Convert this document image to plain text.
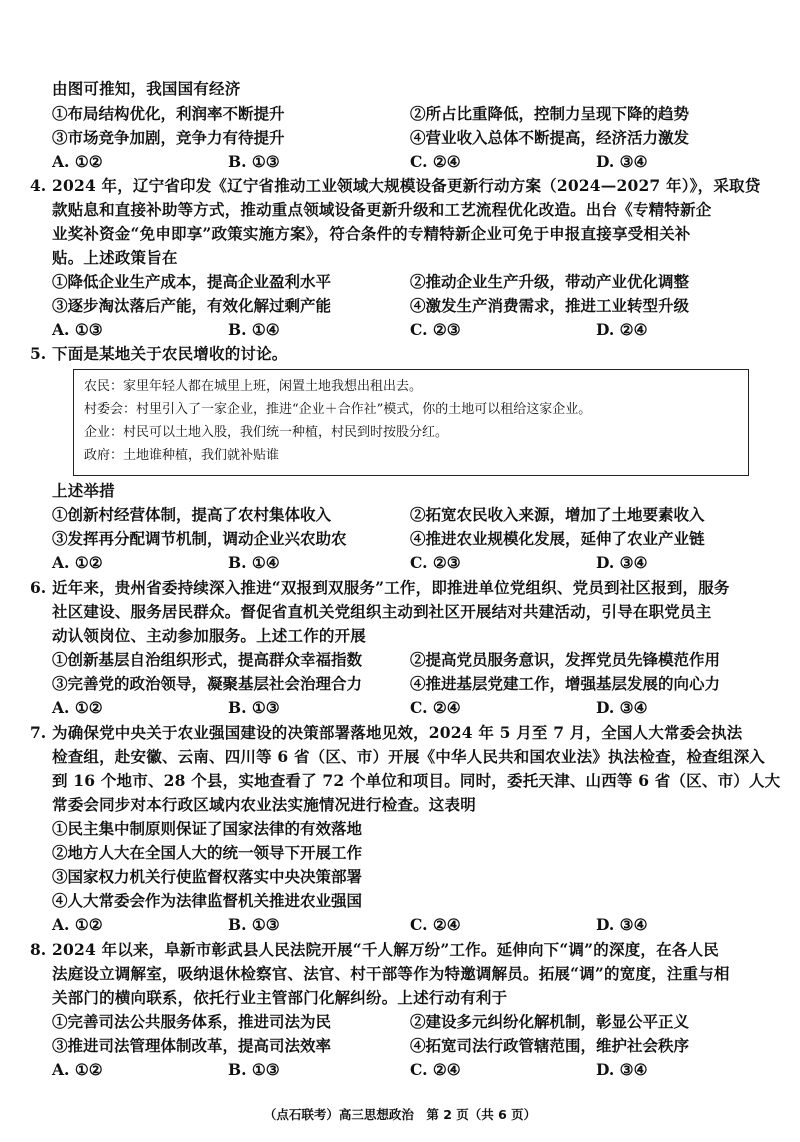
由图可推知，我国国有经济
①布局结构优化，利润率不断提升	②所占比重降低，控制力呈现下降的趋势
③市场竞争加剧，竞争力有待提升	④营业收入总体不断提高，经济活力激发
A. ①②	B. ①③	C. ②④	D. ③④
4. 2024 年，辽宁省印发《辽宁省推动工业领域大规模设备更新行动方案（2024—2027 年）》，采取贷
款贴息和直接补助等方式，推动重点领域设备更新升级和工艺流程优化改造。出台《专精特新企
业奖补资金“免申即享”政策实施方案》，符合条件的专精特新企业可免于申报直接享受相关补
贴。上述政策旨在
①降低企业生产成本，提高企业盈利水平	②推动企业生产升级，带动产业优化调整
③逐步淘汰落后产能，有效化解过剩产能	④激发生产消费需求，推进工业转型升级
A. ①③	B. ①④	C. ②③	D. ②④
5. 下面是某地关于农民增收的讨论。
农民：家里年轻人都在城里上班，闲置土地我想出租出去。
村委会：村里引入了一家企业，推进“企业＋合作社”模式，你的土地可以租给这家企业。
企业：村民可以土地入股，我们统一种植，村民到时按股分红。
政府：土地谁种植，我们就补贴谁
上述举措
①创新村经营体制，提高了农村集体收入	②拓宽农民收入来源，增加了土地要素收入
③发挥再分配调节机制，调动企业兴农助农	④推进农业规模化发展，延伸了农业产业链
A. ①②	B. ①④	C. ②③	D. ③④
6. 近年来，贵州省委持续深入推进“双报到双服务”工作，即推进单位党组织、党员到社区报到，服务
社区建设、服务居民群众。督促省直机关党组织主动到社区开展结对共建活动，引导在职党员主
动认领岗位、主动参加服务。上述工作的开展
①创新基层自治组织形式，提高群众幸福指数	②提高党员服务意识，发挥党员先锋模范作用
③完善党的政治领导，凝聚基层社会治理合力	④推进基层党建工作，增强基层发展的向心力
A. ①②	B. ①③	C. ②④	D. ③④
7. 为确保党中央关于农业强国建设的决策部署落地见效，2024 年 5 月至 7 月，全国人大常委会执法
检查组，赴安徽、云南、四川等 6 省（区、市）开展《中华人民共和国农业法》执法检查，检查组深入
到 16 个地市、28 个县，实地查看了 72 个单位和项目。同时，委托天津、山西等 6 省（区、市）人大
常委会同步对本行政区域内农业法实施情况进行检查。这表明
①民主集中制原则保证了国家法律的有效落地
②地方人大在全国人大的统一领导下开展工作
③国家权力机关行使监督权落实中央决策部署
④人大常委会作为法律监督机关推进农业强国
A. ①②	B. ①③	C. ②④	D. ③④
8. 2024 年以来，阜新市彰武县人民法院开展“千人解万纷”工作。延伸向下“调”的深度，在各人民
法庭设立调解室，吸纳退休检察官、法官、村干部等作为特邀调解员。拓展“调”的宽度，注重与相
关部门的横向联系，依托行业主管部门化解纠纷。上述行动有利于
①完善司法公共服务体系，推进司法为民	②建设多元纠纷化解机制，彰显公平正义
③推进司法管理体制改革，提高司法效率	④拓宽司法行政管辖范围，维护社会秩序
A. ①②	B. ①③	C. ②④	D. ③④
（点石联考）高三思想政治　第 2 页（共 6 页）
